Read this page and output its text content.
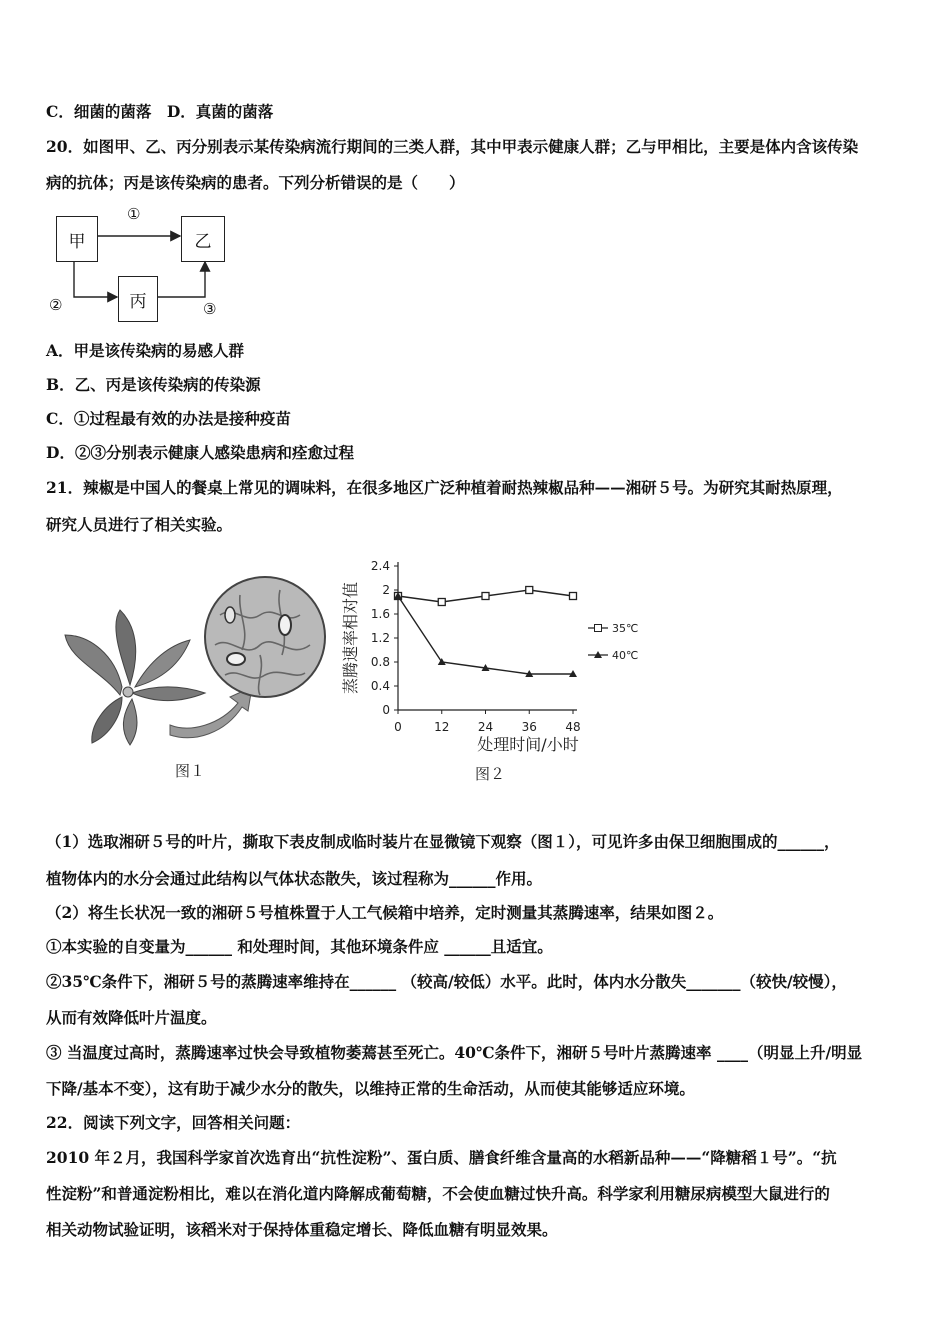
C．细菌的菌落　D．真菌的菌落
20．如图甲、乙、丙分别表示某传染病流行期间的三类人群，其中甲表示健康人群；乙与甲相比，主要是体内含该传染
病的抗体；丙是该传染病的患者。下列分析错误的是（　　）
甲	乙
丙
①
②	③
A．甲是该传染病的易感人群
B．乙、丙是该传染病的传染源
C．①过程最有效的办法是接种疫苗
D．②③分别表示健康人感染患病和痊愈过程
21．辣椒是中国人的餐桌上常见的调味料，在很多地区广泛种植着耐热辣椒品种——湘研５号。为研究其耐热原理，
研究人员进行了相关实验。
0
0.4
0.8
1.2
1.6
2
2.4
0	12 24 36 48
处理时间/小时
蒸腾速率相对值	35℃
40℃
图１	图２
（1）选取湘研５号的叶片，撕取下表皮制成临时装片在显微镜下观察（图１），可见许多由保卫细胞围成的______，
植物体内的水分会通过此结构以气体状态散失，该过程称为______作用。
（2）将生长状况一致的湘研５号植株置于人工气候箱中培养，定时测量其蒸腾速率，结果如图２。
①本实验的自变量为______ 和处理时间，其他环境条件应 ______且适宜。
②35℃条件下，湘研５号的蒸腾速率维持在______ （较高/较低）水平。此时，体内水分散失_______（较快/较慢），
从而有效降低叶片温度。
③ 当温度过高时，蒸腾速率过快会导致植物萎蔫甚至死亡。40℃条件下，湘研５号叶片蒸腾速率 ____（明显上升/明显
下降/基本不变），这有助于减少水分的散失，以维持正常的生命活动，从而使其能够适应环境。
22．阅读下列文字，回答相关问题：
2010 年２月，我国科学家首次选育出“抗性淀粉”、蛋白质、膳食纤维含量高的水稻新品种——“降糖稻１号”。“抗
性淀粉”和普通淀粉相比，难以在消化道内降解成葡萄糖，不会使血糖过快升高。科学家利用糖尿病模型大鼠进行的
相关动物试验证明，该稻米对于保持体重稳定增长、降低血糖有明显效果。
